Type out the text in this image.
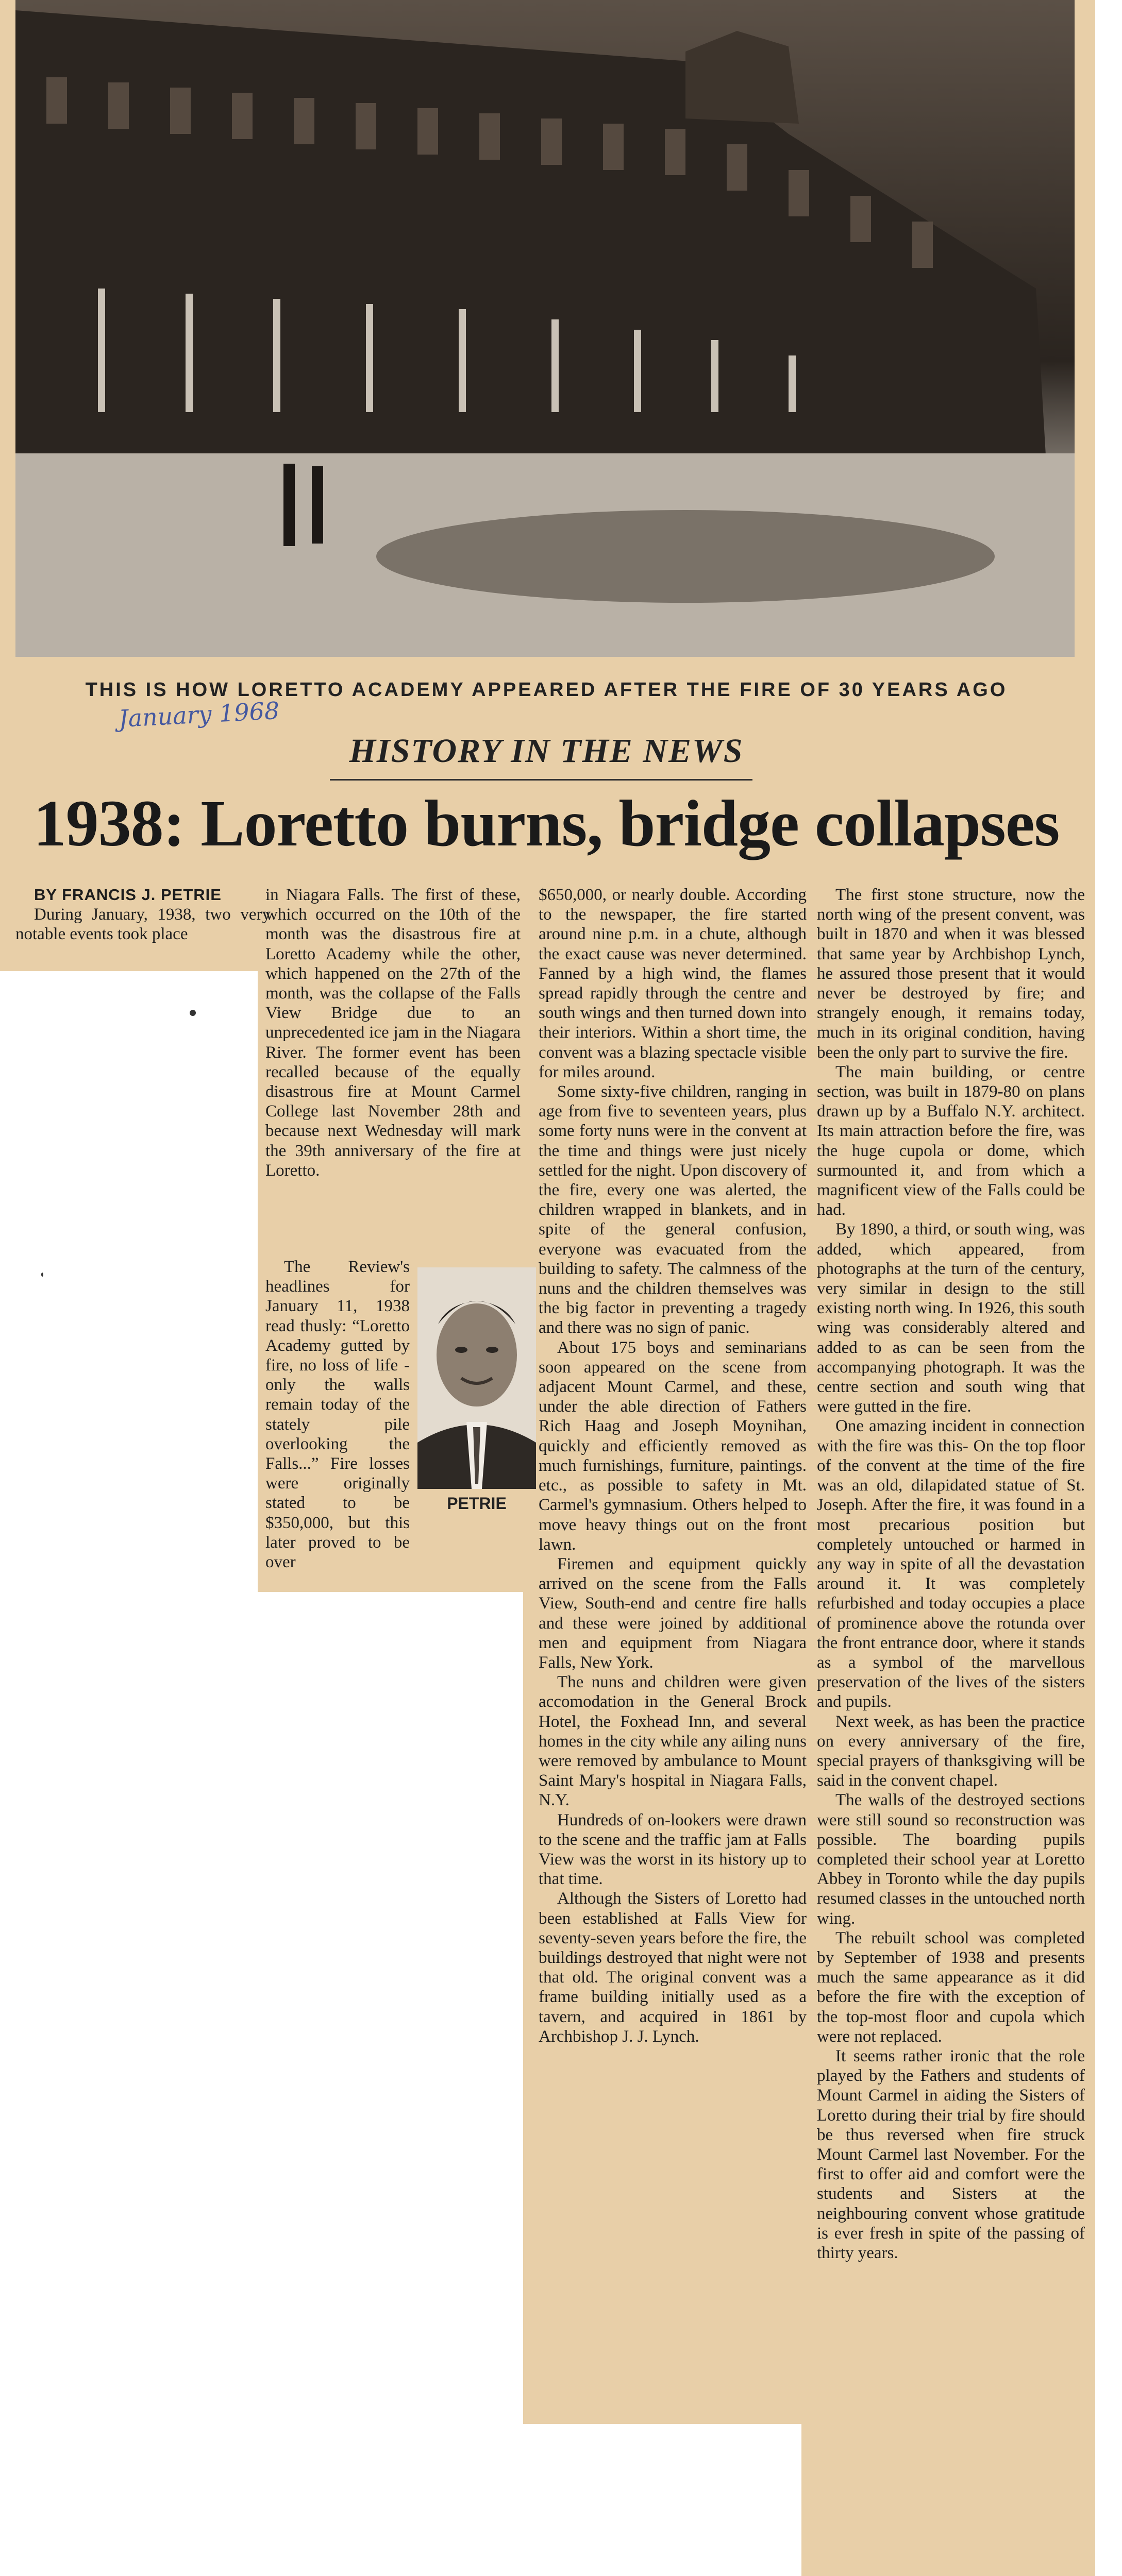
THIS IS HOW LORETTO ACADEMY APPEARED AFTER THE FIRE OF 30 YEARS AGO
January 1968
HISTORY IN THE NEWS
1938: Loretto burns, bridge collapses

BY FRANCIS J. PETRIE

During January, 1938, two very notable events took place

in Niagara Falls. The first of these, which occurred on the 10th of the month was the disastrous fire at Loretto Academy while the other, which happened on the 27th of the month, was the collapse of the Falls View Bridge due to an unprecedented ice jam in the Niagara River. The former event has been recalled because of the equally disastrous fire at Mount Carmel College last November 28th and because next Wednesday will mark the 39th anniversary of the fire at Loretto.

The Review's headlines for January 11, 1938 read thusly: “Loretto Academy gutted by fire, no loss of life - only the walls remain today of the stately pile overlooking the Falls...” Fire losses were originally stated to be $350,000, but this later proved to be over

PETRIE

$650,000, or nearly double. According to the newspaper, the fire started around nine p.m. in a chute, although the exact cause was never determined. Fanned by a high wind, the flames spread rapidly through the centre and south wings and then turned down into their interiors. Within a short time, the convent was a blazing spectacle visible for miles around.

Some sixty-five children, ranging in age from five to seventeen years, plus some forty nuns were in the convent at the time and things were just nicely settled for the night. Upon discovery of the fire, every one was alerted, the children wrapped in blankets, and in spite of the general confusion, everyone was evacuated from the building to safety. The calmness of the nuns and the children themselves was the big factor in preventing a tragedy and there was no sign of panic.

About 175 boys and seminarians soon appeared on the scene from adjacent Mount Carmel, and these, under the able direction of Fathers Rich Haag and Joseph Moynihan, quickly and efficiently removed as much furnishings, furniture, paintings. etc., as possible to safety in Mt. Carmel's gymnasium. Others helped to move heavy things out on the front lawn.

Firemen and equipment quickly arrived on the scene from the Falls View, South-end and centre fire halls and these were joined by additional men and equipment from Niagara Falls, New York.

The nuns and children were given accomodation in the General Brock Hotel, the Foxhead Inn, and several homes in the city while any ailing nuns were removed by ambulance to Mount Saint Mary's hospital in Niagara Falls, N.Y.

Hundreds of on-lookers were drawn to the scene and the traffic jam at Falls View was the worst in its history up to that time.

Although the Sisters of Loretto had been established at Falls View for seventy-seven years before the fire, the buildings destroyed that night were not that old. The original convent was a frame building initially used as a tavern, and acquired in 1861 by Archbishop J. J. Lynch.

The first stone structure, now the north wing of the present convent, was built in 1870 and when it was blessed that same year by Archbishop Lynch, he assured those present that it would never be destroyed by fire; and strangely enough, it remains today, much in its original condition, having been the only part to survive the fire.

The main building, or centre section, was built in 1879-80 on plans drawn up by a Buffalo N.Y. architect. Its main attraction before the fire, was the huge cupola or dome, which surmounted it, and from which a magnificent view of the Falls could be had.

By 1890, a third, or south wing, was added, which appeared, from photographs at the turn of the century, very similar in design to the still existing north wing. In 1926, this south wing was considerably altered and added to as can be seen from the accompanying photograph. It was the centre section and south wing that were gutted in the fire.

One amazing incident in connection with the fire was this- On the top floor of the convent at the time of the fire was an old, dilapidated statue of St. Joseph. After the fire, it was found in a most precarious position but completely untouched or harmed in any way in spite of all the devastation around it. It was completely refurbished and today occupies a place of prominence above the rotunda over the front entrance door, where it stands as a symbol of the marvellous preservation of the lives of the sisters and pupils.

Next week, as has been the practice on every anniversary of the fire, special prayers of thanksgiving will be said in the convent chapel.

The walls of the destroyed sections were still sound so reconstruction was possible. The boarding pupils completed their school year at Loretto Abbey in Toronto while the day pupils resumed classes in the untouched north wing.

The rebuilt school was completed by September of 1938 and presents much the same appearance as it did before the fire with the exception of the top-most floor and cupola which were not replaced.

It seems rather ironic that the role played by the Fathers and students of Mount Carmel in aiding the Sisters of Loretto during their trial by fire should be thus reversed when fire struck Mount Carmel last November. For the first to offer aid and comfort were the students and Sisters at the neighbouring convent whose gratitude is ever fresh in spite of the passing of thirty years.
